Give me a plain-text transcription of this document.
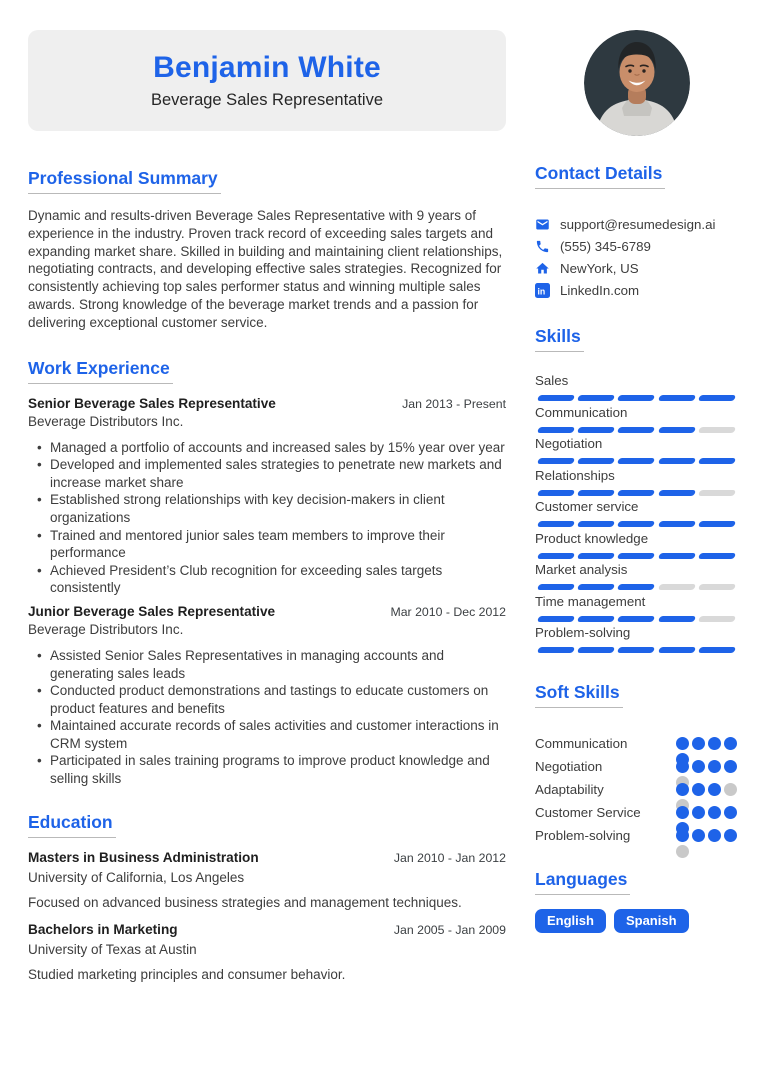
Benjamin White
Beverage Sales Representative
Professional Summary

Dynamic and results-driven Beverage Sales Representative with 9 years of experience in the industry. Proven track record of exceeding sales targets and expanding market share. Skilled in building and maintaining client relationships, negotiating contracts, and developing effective sales strategies. Recognized for consistently achieving top sales performer status and winning multiple sales awards. Strong knowledge of the beverage market trends and a passion for delivering exceptional customer service.

Work Experience
Senior Beverage Sales Representative	Jan 2013 - Present
Beverage Distributors Inc.
• Managed a portfolio of accounts and increased sales by 15% year over year
• Developed and implemented sales strategies to penetrate new markets and increase market share
• Established strong relationships with key decision-makers in client organizations
• Trained and mentored junior sales team members to improve their performance
• Achieved President’s Club recognition for exceeding sales targets consistently
Junior Beverage Sales Representative	Mar 2010 - Dec 2012
Beverage Distributors Inc.
• Assisted Senior Sales Representatives in managing accounts and generating sales leads
• Conducted product demonstrations and tastings to educate customers on product features and benefits
• Maintained accurate records of sales activities and customer interactions in CRM system
• Participated in sales training programs to improve product knowledge and selling skills
Education
Masters in Business Administration	Jan 2010 - Jan 2012
University of California, Los Angeles
Focused on advanced business strategies and management techniques.
Bachelors in Marketing	Jan 2005 - Jan 2009
University of Texas at Austin
Studied marketing principles and consumer behavior.
Contact Details
support@resumedesign.ai
(555) 345-6789
NewYork, US
in LinkedIn.com
Skills
Sales
Communication
Negotiation
Relationships
Customer service
Product knowledge
Market analysis
Time management
Problem-solving
Soft Skills
Communication
Negotiation
Adaptability
Customer Service
Problem-solving
Languages
English	Spanish
